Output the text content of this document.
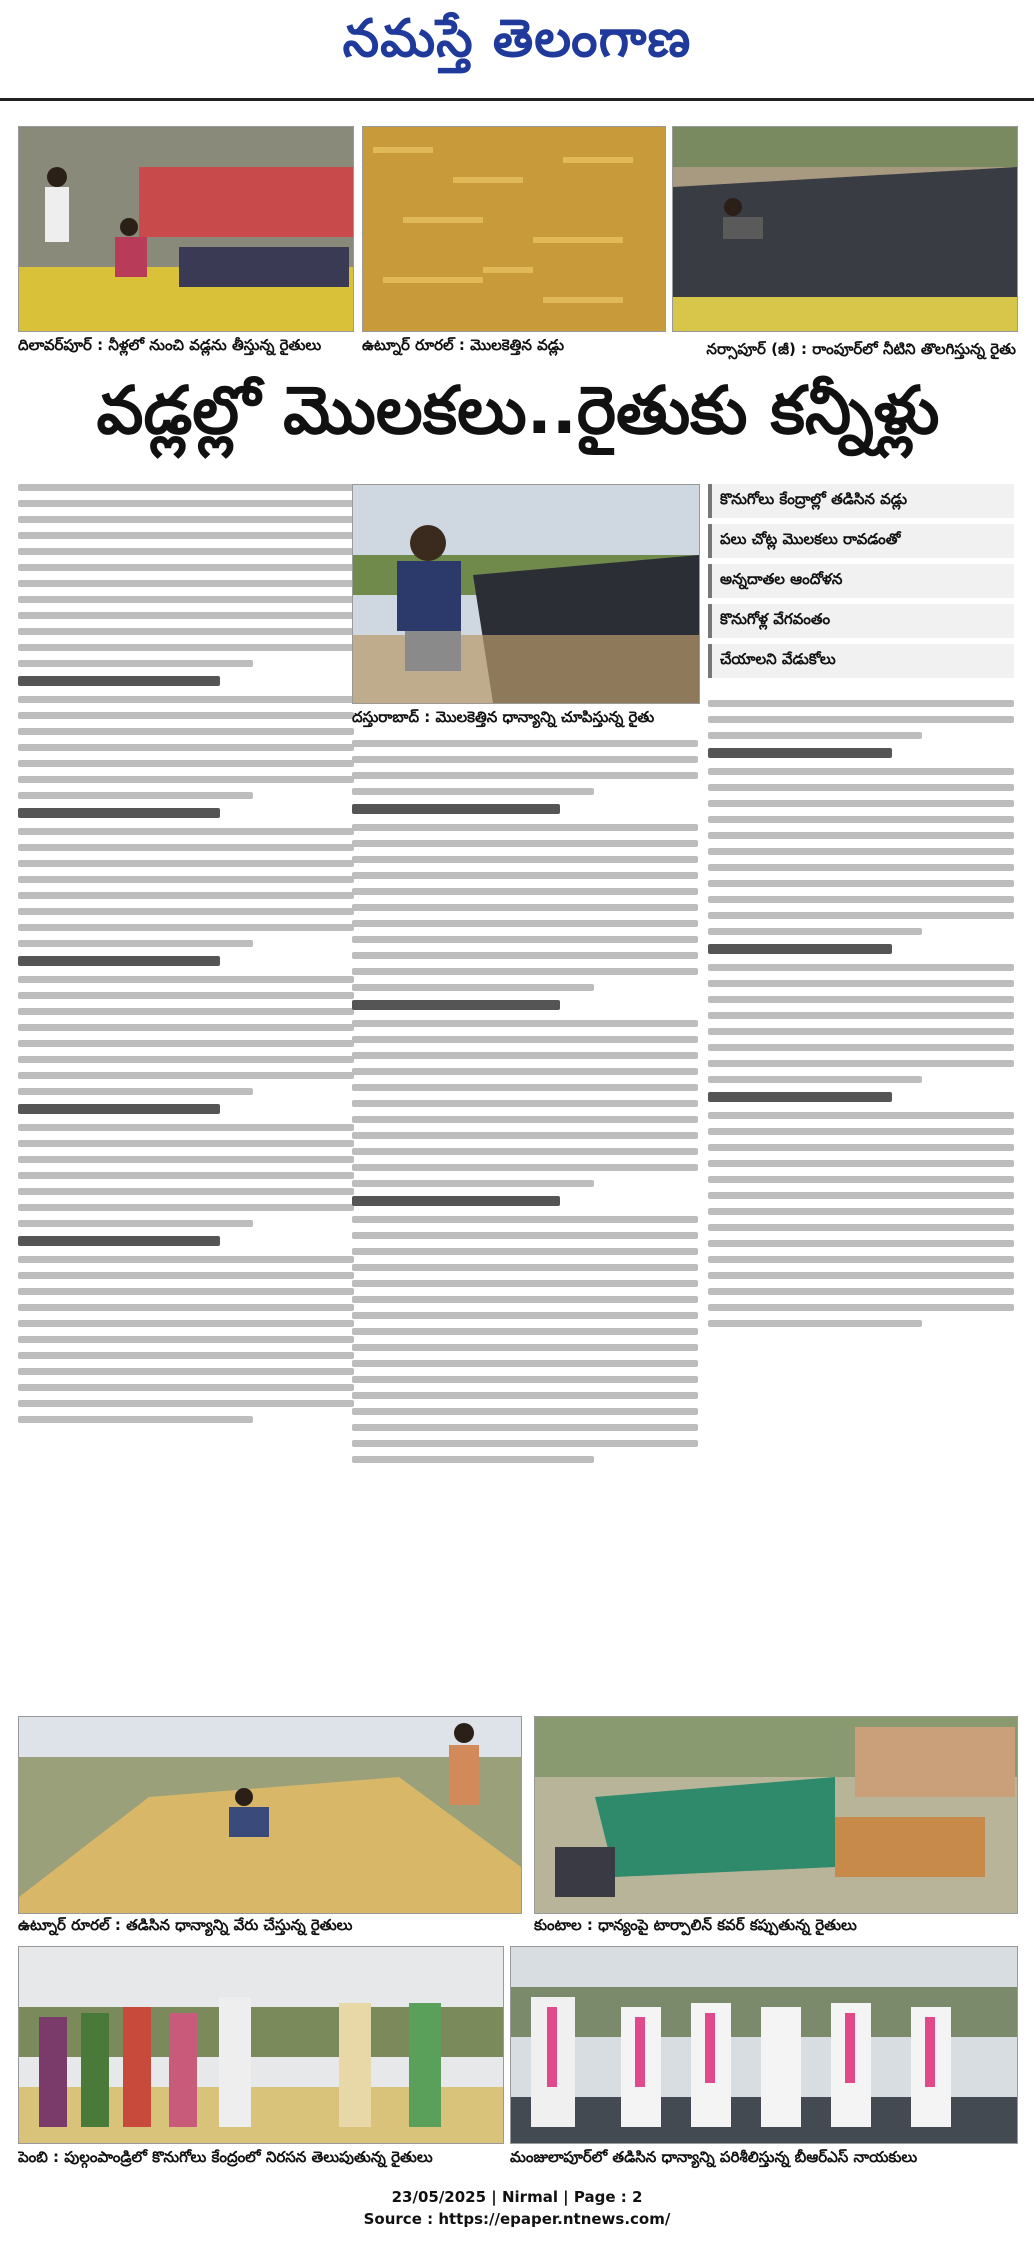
నమస్తే తెలంగాణ
దిలావర్‌పూర్ : నీళ్లలో నుంచి వడ్లను తీస్తున్న రైతులు	ఉట్నూర్ రూరల్ : మొలకెత్తిన వడ్లు	నర్సాపూర్ (జీ) : రాంపూర్‌లో నీటిని తొలగిస్తున్న రైతు
వడ్లల్లో మొలకలు..రైతుకు కన్నీళ్లు
దస్తురాబాద్ : మొలకెత్తిన ధాన్యాన్ని చూపిస్తున్న రైతు
కొనుగోలు కేంద్రాల్లో తడిసిన వడ్లు
పలు చోట్ల మొలకలు రావడంతో
అన్నదాతల ఆందోళన
కొనుగోళ్ల వేగవంతం
చేయాలని వేడుకోలు
ఉట్నూర్ రూరల్ : తడిసిన ధాన్యాన్ని వేరు చేస్తున్న రైతులు	కుంటాల : ధాన్యంపై టార్పాలిన్ కవర్ కప్పుతున్న రైతులు
పెంబి : పుల్గంపాండ్రిలో కొనుగోలు కేంద్రంలో నిరసన తెలుపుతున్న రైతులు	మంజులాపూర్‌లో తడిసిన ధాన్యాన్ని పరిశీలిస్తున్న బీఆర్‌ఎస్ నాయకులు
23/05/2025 | Nirmal | Page : 2
Source : https://epaper.ntnews.com/
